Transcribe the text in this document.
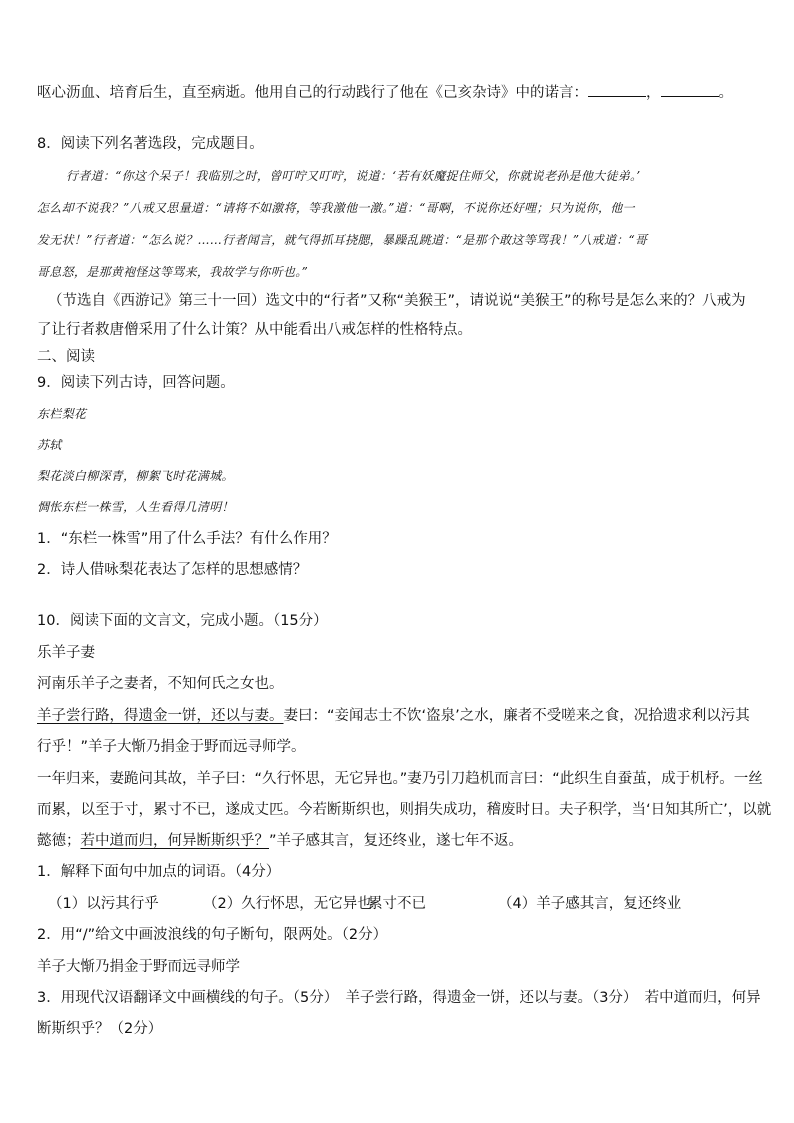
呕心沥血、培育后生，直至病逝。他用自己的行动践行了他在《己亥杂诗》中的诺言：	，	。
8．阅读下列名著选段，完成题目。
行者道：“你这个呆子！我临别之时，曾叮咛又叮咛，说道：‘若有妖魔捉住师父，你就说老孙是他大徒弟。’
怎么却不说我？”八戒又思量道：“请将不如激将，等我激他一激。”道：“哥啊，不说你还好哩；只为说你，他一
发无状！”行者道：“怎么说？……行者闻言，就气得抓耳挠腮，暴躁乱跳道：“是那个敢这等骂我！”八戒道：“哥
哥息怒，是那黄袍怪这等骂来，我故学与你听也。”
（节选自《西游记》第三十一回）选文中的“行者”又称“美猴王”，请说说“美猴王”的称号是怎么来的？八戒为
了让行者救唐僧采用了什么计策？从中能看出八戒怎样的性格特点。
二、阅读
9．阅读下列古诗，回答问题。
东栏梨花
苏轼
梨花淡白柳深青，柳絮飞时花满城。
惆怅东栏一株雪，人生看得几清明！
1．“东栏一株雪”用了什么手法？有什么作用？
2．诗人借咏梨花表达了怎样的思想感情？
10．阅读下面的文言文，完成小题。（15分）
乐羊子妻
河南乐羊子之妻者，不知何氏之女也。
羊子尝行路，得遗金一饼，还以与妻。妻曰：“妾闻志士不饮‘盗泉’之水，廉者不受嗟来之食，况拾遗求利以污其
行乎！”羊子大惭乃捐金于野而远寻师学。
一年归来，妻跪问其故，羊子曰：“久行怀思，无它异也。”妻乃引刀趋机而言曰：“此织生自蚕茧，成于机杼。一丝
而累，以至于寸，累寸不已，遂成丈匹。今若断斯织也，则捐失成功，稽废时日。夫子积学，当‘日知其所亡’，以就
懿德；若中道而归，何异断斯织乎？”羊子感其言，复还终业，遂七年不返。
1．解释下面句中加点的词语。（4分）
（1）以污其行乎	（2）久行怀思，无它异也累寸不已	（4）羊子感其言，复还终业
2．用“/”给文中画波浪线的句子断句，限两处。（2分）
羊子大惭乃捐金于野而远寻师学
3．用现代汉语翻译文中画横线的句子。（5分）　羊子尝行路，得遗金一饼，还以与妻。（3分）　若中道而归，何异
断斯织乎？（2分）
